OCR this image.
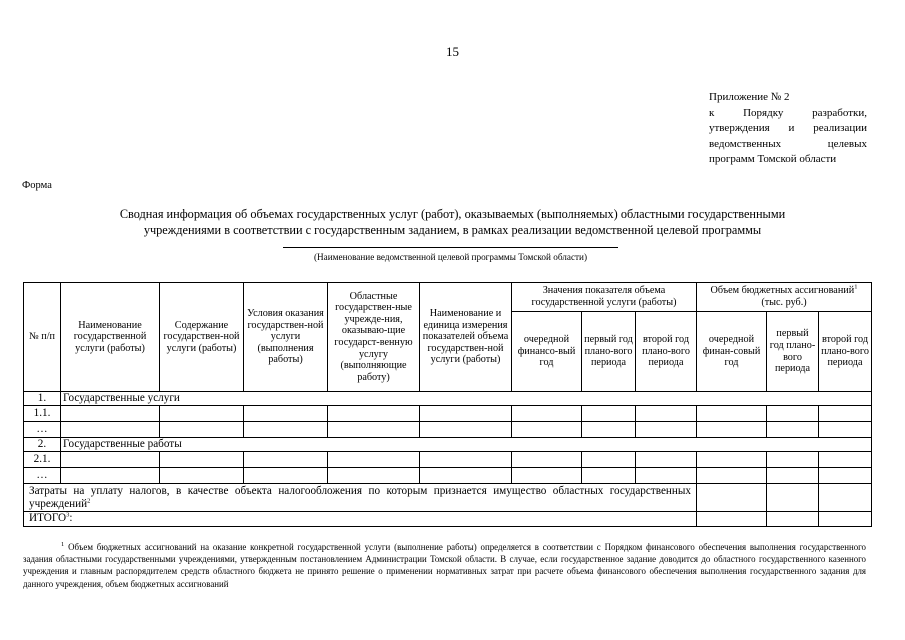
15
Приложение № 2
к Порядку разработки,
утверждения и реализации
ведомственных целевых
программ Томской области
Форма
Сводная информация об объемах государственных услуг (работ), оказываемых (выполняемых) областными государственными
учреждениями в соответствии с государственным заданием, в рамках реализации ведомственной целевой программы
(Наименование ведомственной целевой программы Томской области)
№ п/п	Наименование государственной услуги (работы)	Содержание государствен-ной услуги (работы)	Условия оказания государствен-ной услуги (выполнения работы)	Областные государствен-ные учрежде-ния, оказываю-щие государст-венную услугу (выполняющие работу)	Наименование и единица измерения показателей объема государствен-ной услуги (работы)	Значения показателя объема государственной услуги (работы)			Объем бюджетных ассигнований$^1$ (тыс. руб.)		
						очередной финансо-вый год	первый год плано-вого периода	второй год плано-вого периода	очередной финан-совый год	первый год плано-вого периода	второй год плано-вого периода
1.	Государственные услуги										
1.1.											
…											
2.	Государственные работы										
2.1.											
…											
Затраты на уплату налогов, в качестве объекта налогообложения по которым признается имущество областных государственных учреждений$^2$			
ИТОГО$^3$:											
$^1$ Объем бюджетных ассигнований на оказание конкретной государственной услуги (выполнение работы) определяется в соответствии с Порядком финансового обеспечения выполнения государственного задания областными государственными учреждениями, утвержденным постановлением Администрации Томской области. В случае, если государственное задание доводится до областного государственного казенного учреждения и главным распорядителем средств областного бюджета не принято решение о применении нормативных затрат при расчете объема финансового обеспечения выполнения государственного задания для данного учреждения, объем бюджетных ассигнований
